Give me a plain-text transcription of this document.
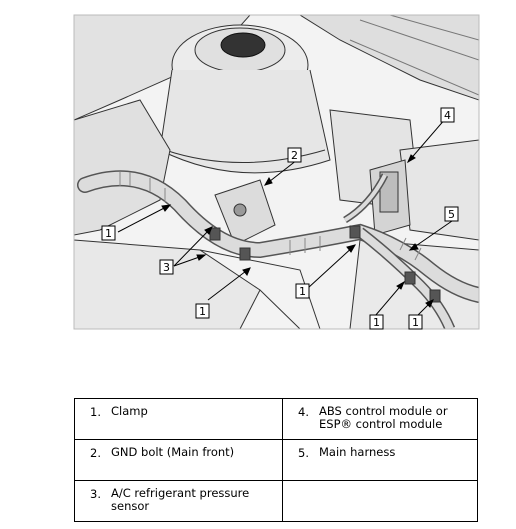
1
3
2
1
1
4
5
1	1
1. Clamp	4. ABS control module or ESP® control module
2. GND bolt (Main front)	5. Main harness
3. A/C refrigerant pressure sensor	
